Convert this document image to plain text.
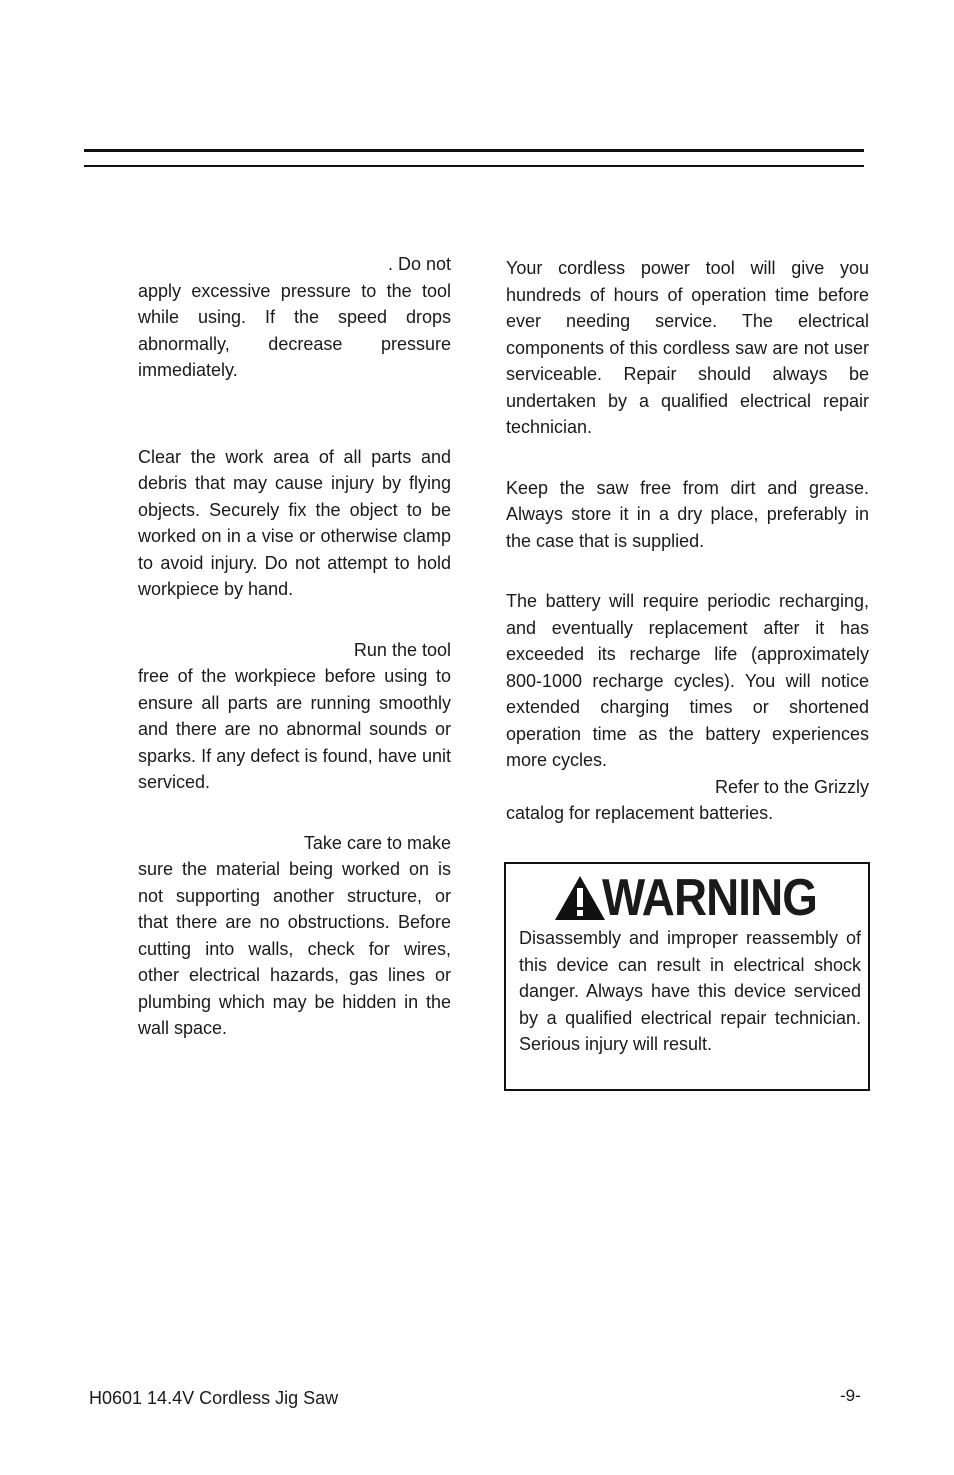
. Do not

apply excessive pressure to the tool while using. If the speed drops abnormally, decrease pressure immediately.

Clear the work area of all parts and debris that may cause injury by flying objects. Securely fix the object to be worked on in a vise or otherwise clamp to avoid injury. Do not attempt to hold workpiece by hand.

Run the tool

free of the workpiece before using to ensure all parts are running smoothly and there are no abnormal sounds or sparks. If any defect is found, have unit serviced.

Take care to make

sure the material being worked on is not supporting another structure, or that there are no obstructions. Before cutting into walls, check for wires, other electrical hazards, gas lines or plumbing which may be hidden in the wall space.

Your cordless power tool will give you hundreds of hours of operation time before ever needing service. The electrical components of this cordless saw are not user serviceable. Repair should always be undertaken by a qualified electrical repair technician.

Keep the saw free from dirt and grease. Always store it in a dry place, preferably in the case that is supplied.

The battery will require periodic recharging, and eventually replacement after it has exceeded its recharge life (approximately 800-1000 recharge cycles). You will notice extended charging times or shortened operation time as the battery experiences more cycles.

Refer to the Grizzly

catalog for replacement batteries.

WARNING

Disassembly and improper reassembly of this device can result in electrical shock danger. Always have this device serviced by a qualified electrical repair technician. Serious injury will result.

H0601 14.4V Cordless Jig Saw	-9-
